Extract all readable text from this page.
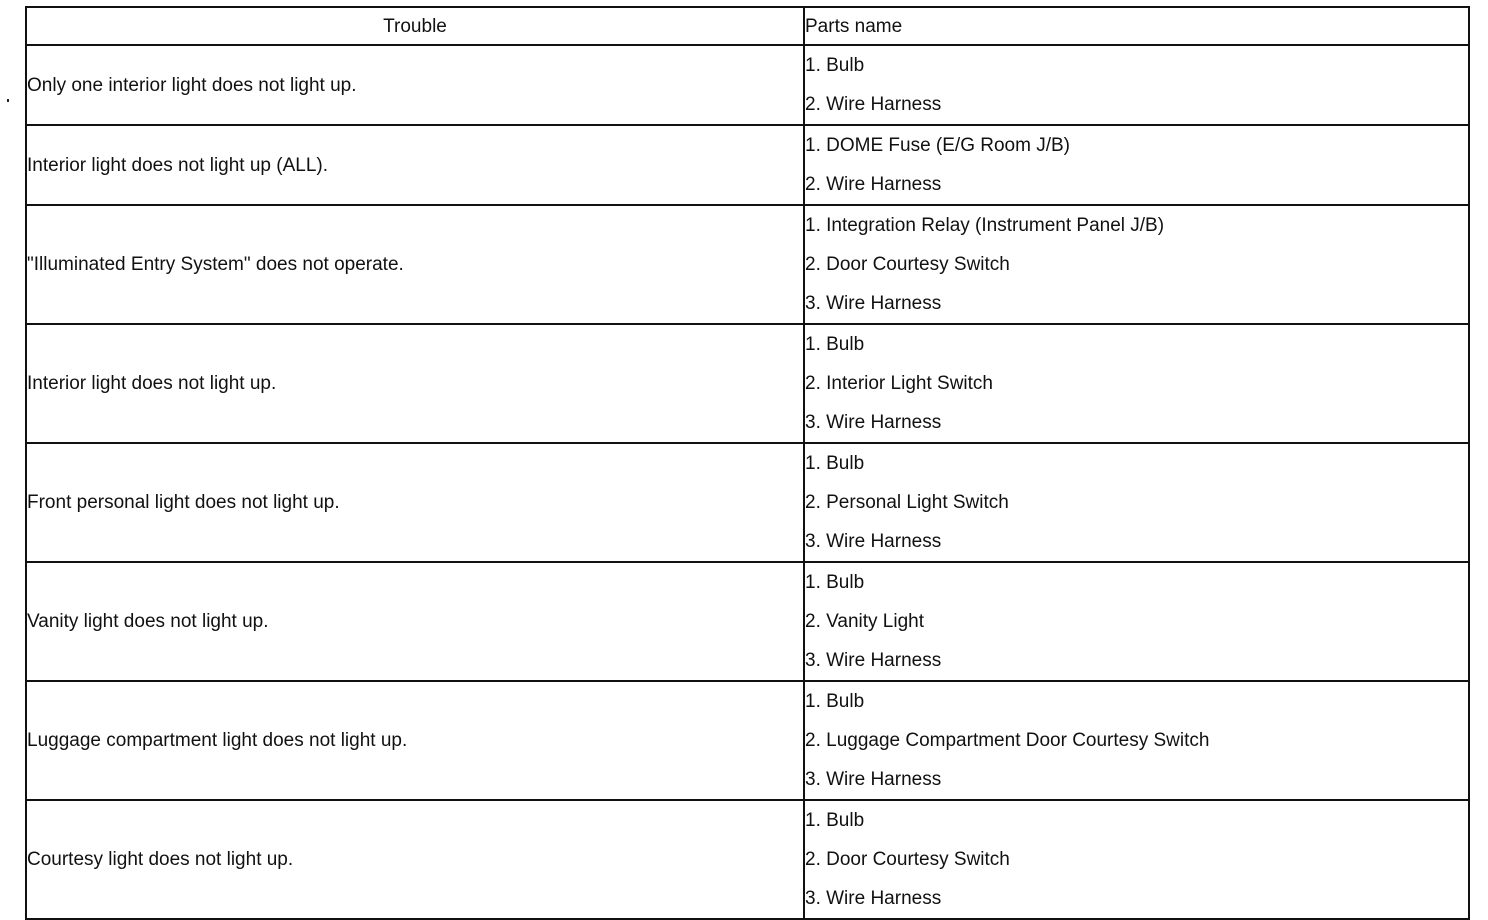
Trouble	Parts name
Only one interior light does not light up.	1. Bulb
2. Wire Harness

Interior light does not light up (ALL).	1. DOME Fuse (E/G Room J/B)
2. Wire Harness

"Illuminated Entry System" does not operate.	1. Integration Relay (Instrument Panel J/B)
2. Door Courtesy Switch
3. Wire Harness

Interior light does not light up.	1. Bulb
2. Interior Light Switch
3. Wire Harness

Front personal light does not light up.	1. Bulb
2. Personal Light Switch
3. Wire Harness

Vanity light does not light up.	1. Bulb
2. Vanity Light
3. Wire Harness

Luggage compartment light does not light up.	1. Bulb
2. Luggage Compartment Door Courtesy Switch
3. Wire Harness

Courtesy light does not light up.	1. Bulb
2. Door Courtesy Switch
3. Wire Harness
